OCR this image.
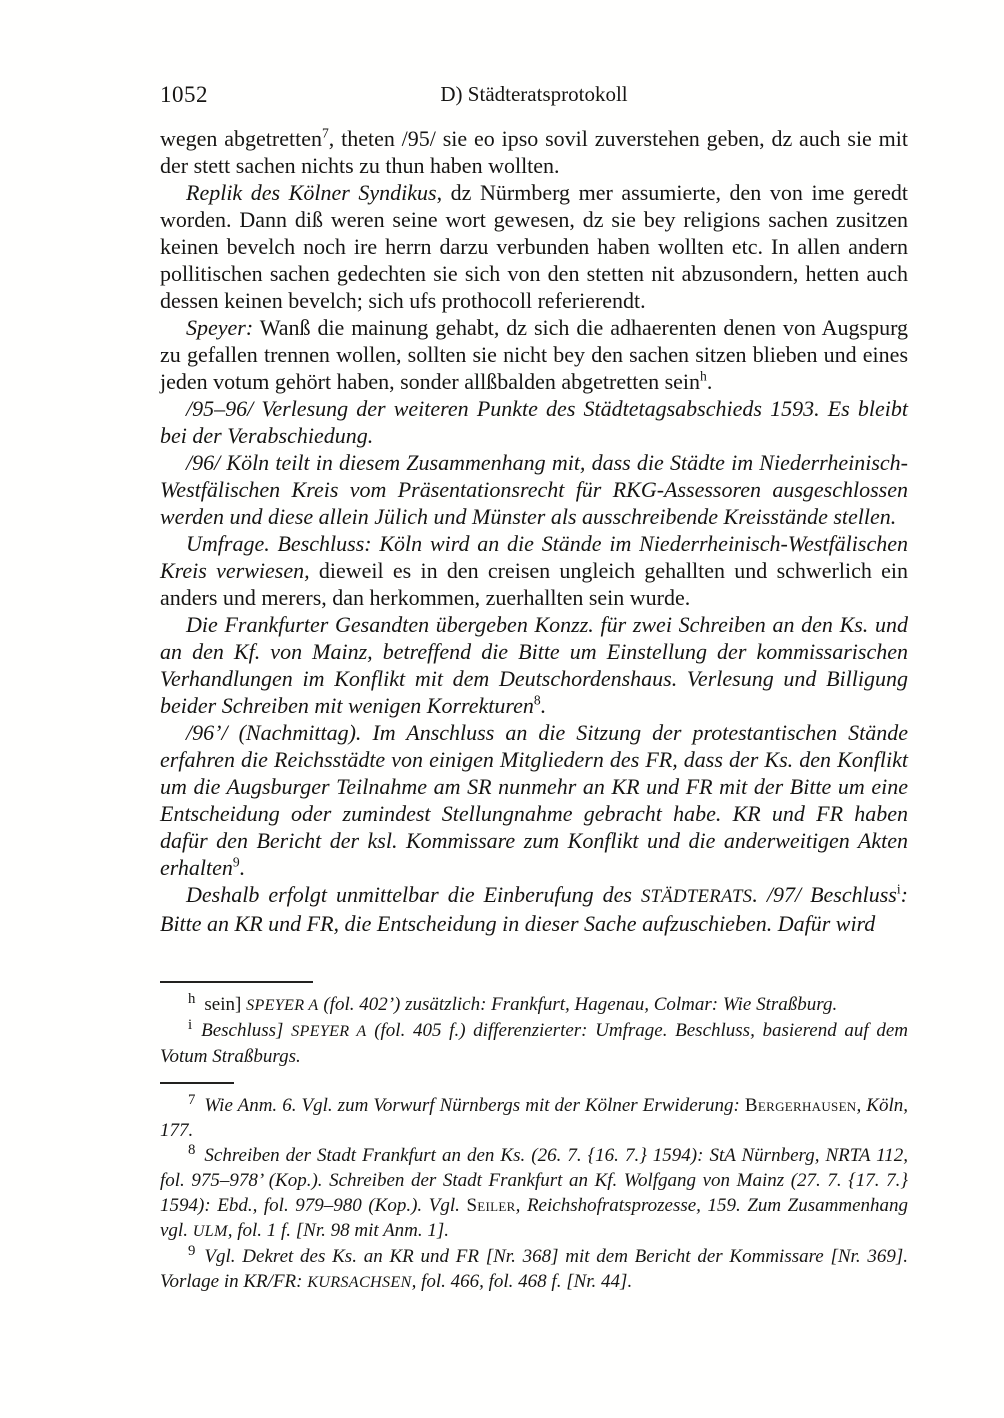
1052	D) Städteratsprotokoll

wegen abgetretten$^7$, theten /95/ sie eo ipso sovil zuverstehen geben, dz auch sie mit der stett sachen nichts zu thun haben wollten.

Replik des Kölner Syndikus, dz Nürmberg mer assumierte, den von ime geredt worden. Dann diß weren seine wort gewesen, dz sie bey religions sachen zusitzen keinen bevelch noch ire herrn darzu verbunden haben wollten etc. In allen andern pollitischen sachen gedechten sie sich von den stetten nit abzusondern, hetten auch dessen keinen bevelch; sich ufs prothocoll referierendt.

Speyer: Wanß die mainung gehabt, dz sich die adhaerenten denen von Augspurg zu gefallen trennen wollen, sollten sie nicht bey den sachen sitzen blieben und eines jeden votum gehört haben, sonder allßbalden abgetretten sein$^h$.

/95–96/ Verlesung der weiteren Punkte des Städtetagsabschieds 1593. Es bleibt bei der Verabschiedung.

/96/ Köln teilt in diesem Zusammenhang mit, dass die Städte im Niederrheinisch-Westfälischen Kreis vom Präsentationsrecht für RKG-Assessoren ausgeschlossen werden und diese allein Jülich und Münster als ausschreibende Kreisstände stellen.

Umfrage. Beschluss: Köln wird an die Stände im Niederrheinisch-Westfälischen Kreis verwiesen, dieweil es in den creisen ungleich gehallten und schwerlich ein anders und merers, dan herkommen, zuerhallten sein wurde.

Die Frankfurter Gesandten übergeben Konzz. für zwei Schreiben an den Ks. und an den Kf. von Mainz, betreffend die Bitte um Einstellung der kommissarischen Verhandlungen im Konflikt mit dem Deutschordenshaus. Verlesung und Billigung beider Schreiben mit wenigen Korrekturen$^8$.

/96’/ (Nachmittag). Im Anschluss an die Sitzung der protestantischen Stände erfahren die Reichsstädte von einigen Mitgliedern des FR, dass der Ks. den Konflikt um die Augsburger Teilnahme am SR nunmehr an KR und FR mit der Bitte um eine Entscheidung oder zumindest Stellungnahme gebracht habe. KR und FR haben dafür den Bericht der ksl. Kommissare zum Konflikt und die anderweitigen Akten erhalten$^9$.

Deshalb erfolgt unmittelbar die Einberufung des STÄDTERATS. /97/ Beschluss$^i$: Bitte an KR und FR, die Entscheidung in dieser Sache aufzuschieben. Dafür wird

$^h$ sein] SPEYER A (fol. 402’) zusätzlich: Frankfurt, Hagenau, Colmar: Wie Straßburg.

$^i$ Beschluss] SPEYER A (fol. 405 f.) differenzierter: Umfrage. Beschluss, basierend auf dem Votum Straßburgs.

$^7$ Wie Anm. 6. Vgl. zum Vorwurf Nürnbergs mit der Kölner Erwiderung: Bergerhausen, Köln, 177.

$^8$ Schreiben der Stadt Frankfurt an den Ks. (26. 7. {16. 7.} 1594): StA Nürnberg, NRTA 112, fol. 975–978’ (Kop.). Schreiben der Stadt Frankfurt an Kf. Wolfgang von Mainz (27. 7. {17. 7.} 1594): Ebd., fol. 979–980 (Kop.). Vgl. Seiler, Reichshofratsprozesse, 159. Zum Zusammenhang vgl. ULM, fol. 1 f. [Nr. 98 mit Anm. 1].

$^9$ Vgl. Dekret des Ks. an KR und FR [Nr. 368] mit dem Bericht der Kommissare [Nr. 369]. Vorlage in KR/FR: KURSACHSEN, fol. 466, fol. 468 f. [Nr. 44].
